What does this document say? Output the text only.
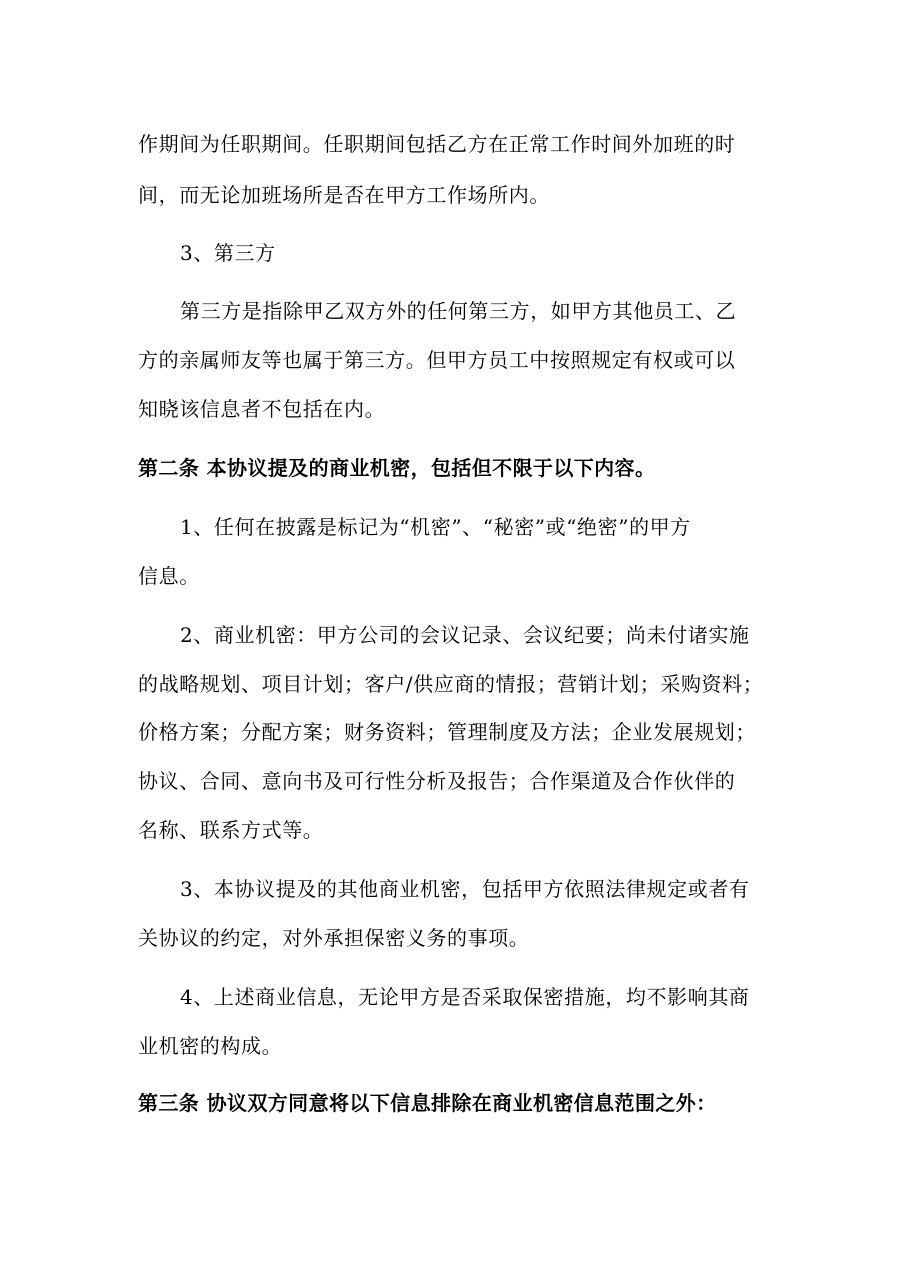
作期间为任职期间。任职期间包括乙方在正常工作时间外加班的时
间，而无论加班场所是否在甲方工作场所内。
3、第三方
第三方是指除甲乙双方外的任何第三方，如甲方其他员工、乙
方的亲属师友等也属于第三方。但甲方员工中按照规定有权或可以
知晓该信息者不包括在内。
第二条 本协议提及的商业机密，包括但不限于以下内容。
1、任何在披露是标记为“机密”、“秘密”或“绝密”的甲方
信息。
2、商业机密：甲方公司的会议记录、会议纪要；尚未付诸实施
的战略规划、项目计划；客户/供应商的情报；营销计划；采购资料；
价格方案；分配方案；财务资料；管理制度及方法；企业发展规划；
协议、合同、意向书及可行性分析及报告；合作渠道及合作伙伴的
名称、联系方式等。
3、本协议提及的其他商业机密，包括甲方依照法律规定或者有
关协议的约定，对外承担保密义务的事项。
4、上述商业信息，无论甲方是否采取保密措施，均不影响其商
业机密的构成。
第三条 协议双方同意将以下信息排除在商业机密信息范围之外：
